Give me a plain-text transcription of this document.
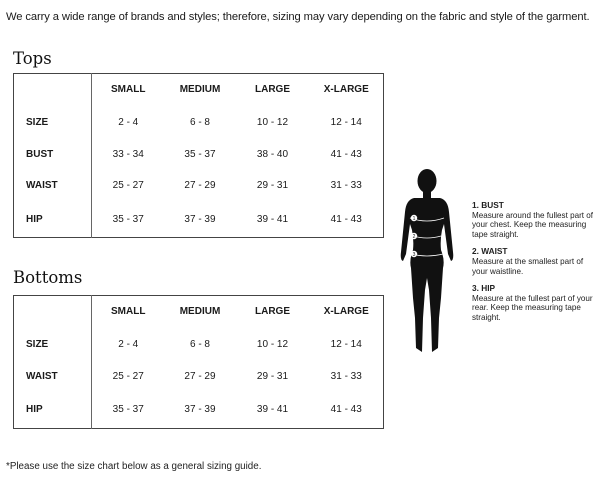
We carry a wide range of brands and styles; therefore, sizing may vary depending on the fabric and style of the garment.
Tops
	SMALL	MEDIUM	LARGE	X-LARGE
SIZE	2 - 4	6 - 8	10 - 12	12 - 14
BUST	33 - 34	35 - 37	38 - 40	41 - 43
WAIST	25 - 27	27 - 29	29 - 31	31 - 33
HIP	35 - 37	37 - 39	39 - 41	41 - 43
Bottoms
	SMALL	MEDIUM	LARGE	X-LARGE
SIZE	2 - 4	6 - 8	10 - 12	12 - 14
WAIST	25 - 27	27 - 29	29 - 31	31 - 33
HIP	35 - 37	37 - 39	39 - 41	41 - 43
1
2
3
1. BUST
Measure around the fullest part of your chest. Keep the measuring tape straight.
2. WAIST
Measure at the smallest part of your waistline.
3. HIP
Measure at the fullest part of your rear. Keep the measuring tape straight.
*Please use the size chart below as a general sizing guide.
